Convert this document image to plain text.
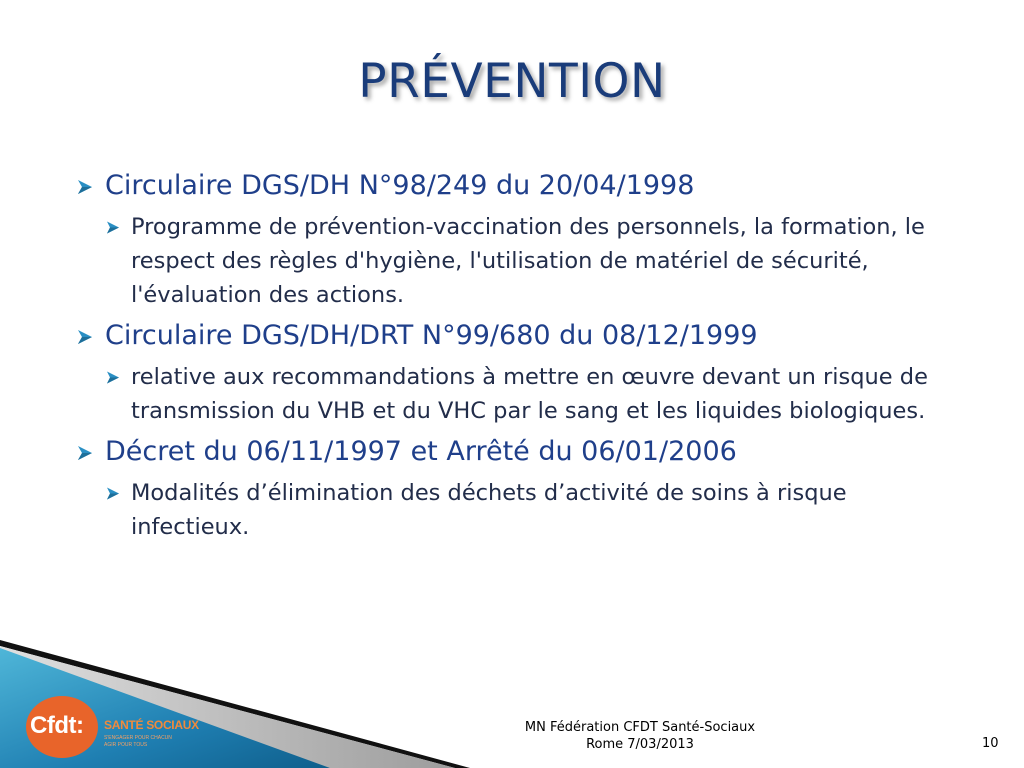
PRÉVENTION
Circulaire DGS/DH N°98/249 du 20/04/1998
Programme de prévention-vaccination des personnels, la formation, le respect des règles d'hygiène, l'utilisation de matériel de sécurité, l'évaluation des actions.
Circulaire DGS/DH/DRT N°99/680 du 08/12/1999
relative aux recommandations à mettre en œuvre devant un risque de transmission du VHB et du VHC par le sang et les liquides biologiques.
Décret du 06/11/1997 et Arrêté du 06/01/2006
Modalités d’élimination des déchets d’activité de soins à risque infectieux.
Cfdt: SANTÉ SOCIAUX
S'ENGAGER POUR CHACUN
AGIR POUR TOUS
MN Fédération CFDT Santé-Sociaux
Rome 7/03/2013	10
